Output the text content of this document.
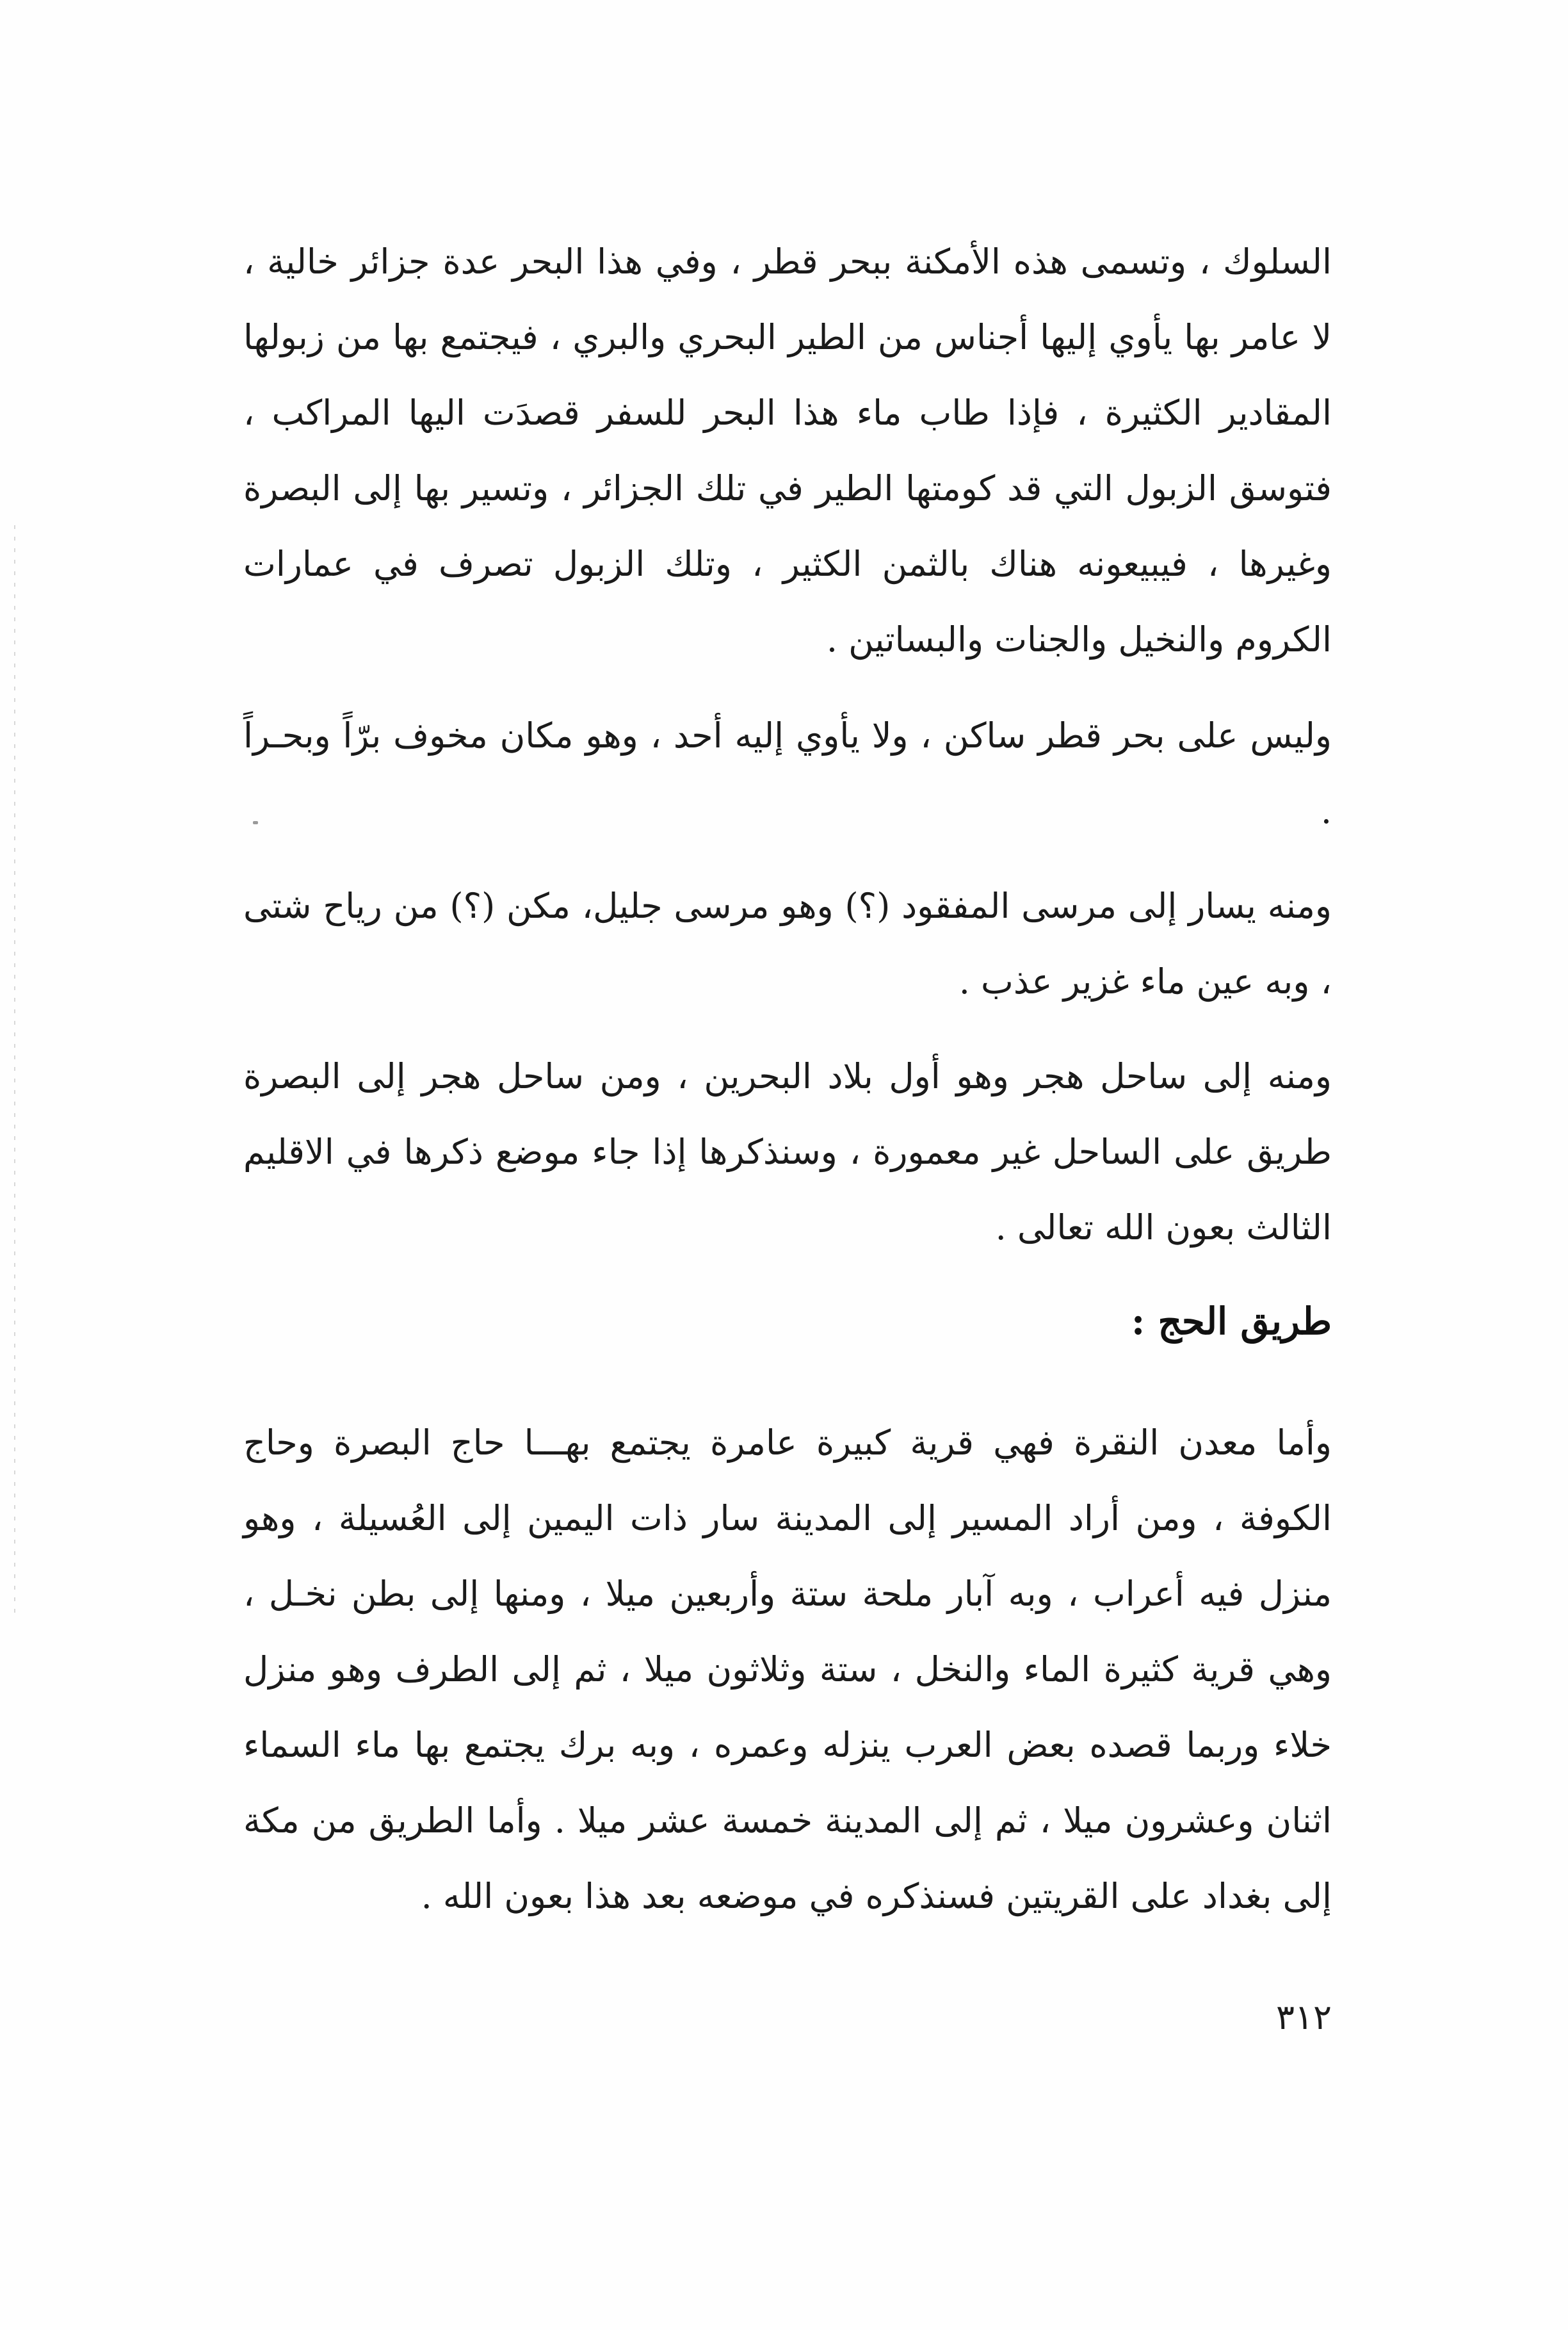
السلوك ، وتسمى هذه الأمكنة ببحر قطر ، وفي هذا البحر عدة جزائر خالية ، لا عامر بها يأوي إليها أجناس من الطير البحري والبري ، فيجتمع بها من زبولها المقادير الكثيرة ، فإذا طاب ماء هذا البحر للسفر قصدَت اليها المراكب ، فتوسق الزبول التي قد كومتها الطير في تلك الجزائر ، وتسير بها إلى البصرة وغيرها ، فيبيعونه هناك بالثمن الكثير ، وتلك الزبول تصرف في عمارات الكروم والنخيل والجنات والبساتين .

وليس على بحر قطر ساكن ، ولا يأوي إليه أحد ، وهو مكان مخوف برّاً وبحـراً .

ومنه يسار إلى مرسى المفقود (؟) وهو مرسى جليل، مكن (؟) من رياح شتى ، وبه عين ماء غزير عذب .

ومنه إلى ساحل هجر وهو أول بلاد البحرين ، ومن ساحل هجر إلى البصرة طريق على الساحل غير معمورة ، وسنذكرها إذا جاء موضع ذكرها في الاقليم الثالث بعون الله تعالى .

طريق الحج :

وأما معدن النقرة فهي قرية كبيرة عامرة يجتمع بهـــا حاج البصرة وحاج الكوفة ، ومن أراد المسير إلى المدينة سار ذات اليمين إلى العُسيلة ، وهو منزل فيه أعراب ، وبه آبار ملحة ستة وأربعين ميلا ، ومنها إلى بطن نخـل ، وهي قرية كثيرة الماء والنخل ، ستة وثلاثون ميلا ، ثم إلى الطرف وهو منزل خلاء وربما قصده بعض العرب ينزله وعمره ، وبه برك يجتمع بها ماء السماء اثنان وعشرون ميلا ، ثم إلى المدينة خمسة عشر ميلا . وأما الطريق من مكة إلى بغداد على القريتين فسنذكره في موضعه بعد هذا بعون الله .

٣١٢
